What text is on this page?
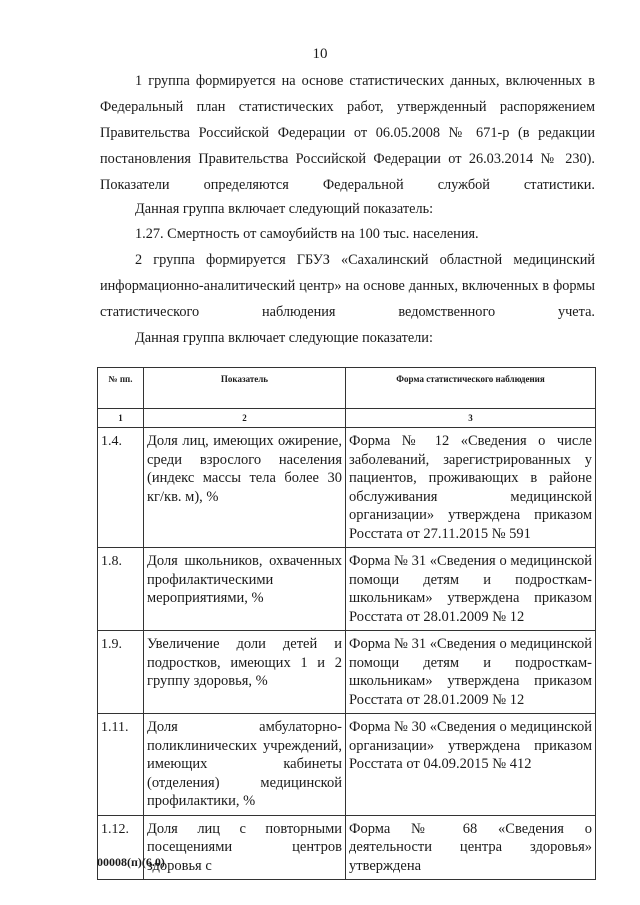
10

1 группа формируется на основе статистических данных, включенных в Федеральный план статистических работ, утвержденный распоряжением Правительства Российской Федерации от 06.05.2008 № 671-р (в редакции постановления Правительства Российской Федерации от 26.03.2014 № 230). Показатели определяются Федеральной службой статистики.

Данная группа включает следующий показатель:
1.27. Смертность от самоубийств на 100 тыс. населения.

2 группа формируется ГБУЗ «Сахалинский областной медицинский информационно-аналитический центр» на основе данных, включенных в формы статистического наблюдения ведомственного учета.

Данная группа включает следующие показатели:
№ пп.	Показатель	Форма статистического наблюдения
1	2	3
1.4.	Доля лиц, имеющих ожирение, среди взрослого населения (индекс массы тела более 30 кг/кв. м), %	Форма № 12 «Сведения о числе заболеваний, зарегистрированных у пациентов, проживающих в районе обслуживания медицинской организации» утверждена приказом Росстата от 27.11.2015 № 591
1.8.	Доля школьников, охваченных профилактическими мероприятиями, %	Форма № 31 «Сведения о медицинской помощи детям и подросткам-школьникам» утверждена приказом Росстата от 28.01.2009 № 12
1.9.	Увеличение доли детей и подростков, имеющих 1 и 2 группу здоровья, %	Форма № 31 «Сведения о медицинской помощи детям и подросткам-школьникам» утверждена приказом Росстата от 28.01.2009 № 12
1.11.	Доля амбулаторно-поликлинических учреждений, имеющих кабинеты (отделения) медицинской профилактики, %	Форма № 30 «Сведения о медицинской организации» утверждена приказом Росстата от 04.09.2015 № 412
1.12.	Доля лиц с повторными посещениями центров здоровья с	Форма № 68 «Сведения о деятельности центра здоровья» утверждена
00008(п)(6.0)
